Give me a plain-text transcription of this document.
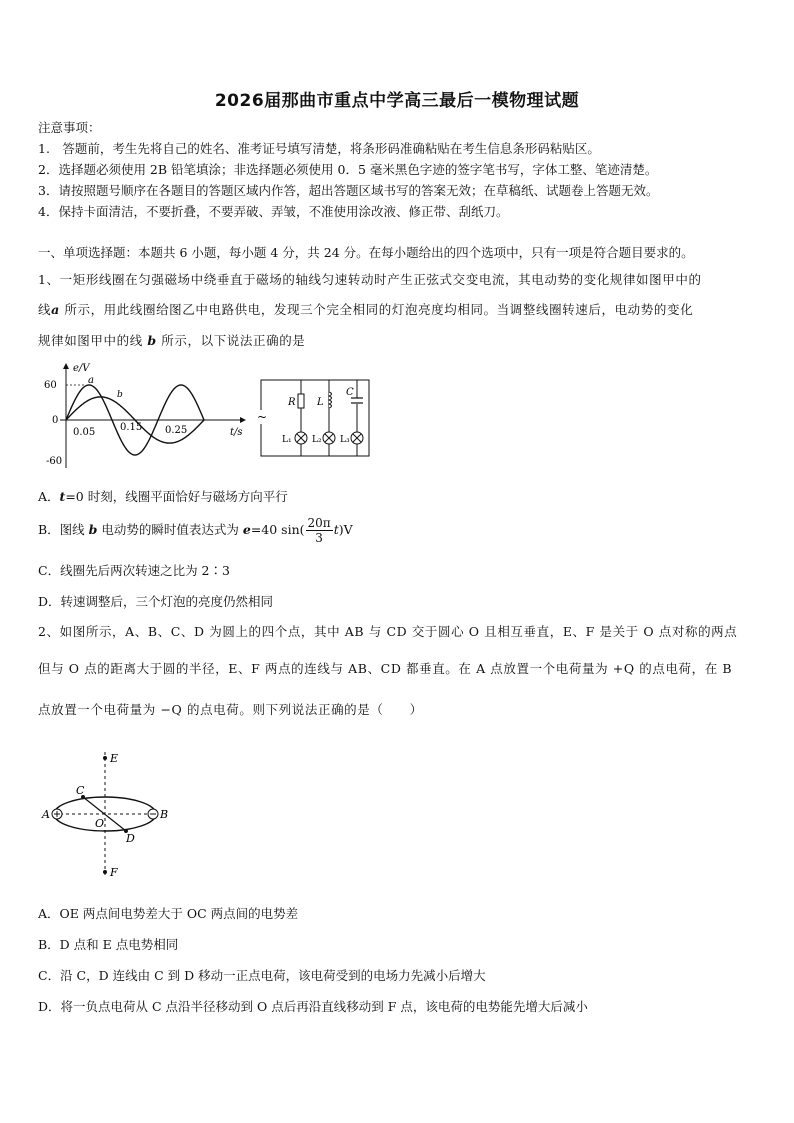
2026届那曲市重点中学高三最后一模物理试题
注意事项：
1.　答题前，考生先将自己的姓名、准考证号填写清楚，将条形码准确粘贴在考生信息条形码粘贴区。
2．选择题必须使用 2B 铅笔填涂；非选择题必须使用 0．5 毫米黑色字迹的签字笔书写，字体工整、笔迹清楚。
3．请按照题号顺序在各题目的答题区域内作答，超出答题区域书写的答案无效；在草稿纸、试题卷上答题无效。
4．保持卡面清洁，不要折叠，不要弄破、弄皱，不准使用涂改液、修正带、刮纸刀。
一、单项选择题：本题共 6 小题，每小题 4 分，共 24 分。在每小题给出的四个选项中，只有一项是符合题目要求的。
1、一矩形线圈在匀强磁场中绕垂直于磁场的轴线匀速转动时产生正弦式交变电流，其电动势的变化规律如图甲中的
线a 所示，用此线圈给图乙中电路供电，发现三个完全相同的灯泡亮度均相同。当调整线圈转速后，电动势的变化
规律如图甲中的线 b 所示，以下说法正确的是
e/V
t/s
60
0
-60
0.05 0.15 0.25
a
b
~
R L
C
L₁ L₂ L₃
A．t=0 时刻，线圈平面恰好与磁场方向平行
B．图线 b 电动势的瞬时值表达式为 e=40 $\sin( \frac{20\pi}{3} t)V$
C．线圈先后两次转速之比为 2∶3
D．转速调整后，三个灯泡的亮度仍然相同
2、如图所示，A、B、C、D 为圆上的四个点，其中 AB 与 CD 交于圆心 O 且相互垂直，E、F 是关于 O 点对称的两点
但与 O 点的距离大于圆的半径，E、F 两点的连线与 AB、CD 都垂直。在 A 点放置一个电荷量为 +Q 的点电荷，在 B
点放置一个电荷量为 −Q 的点电荷。则下列说法正确的是（　　）
E
C
A	B
O
D
F
A．OE 两点间电势差大于 OC 两点间的电势差
B．D 点和 E 点电势相同
C．沿 C，D 连线由 C 到 D 移动一正点电荷，该电荷受到的电场力先减小后增大
D．将一负点电荷从 C 点沿半径移动到 O 点后再沿直线移动到 F 点，该电荷的电势能先增大后减小
